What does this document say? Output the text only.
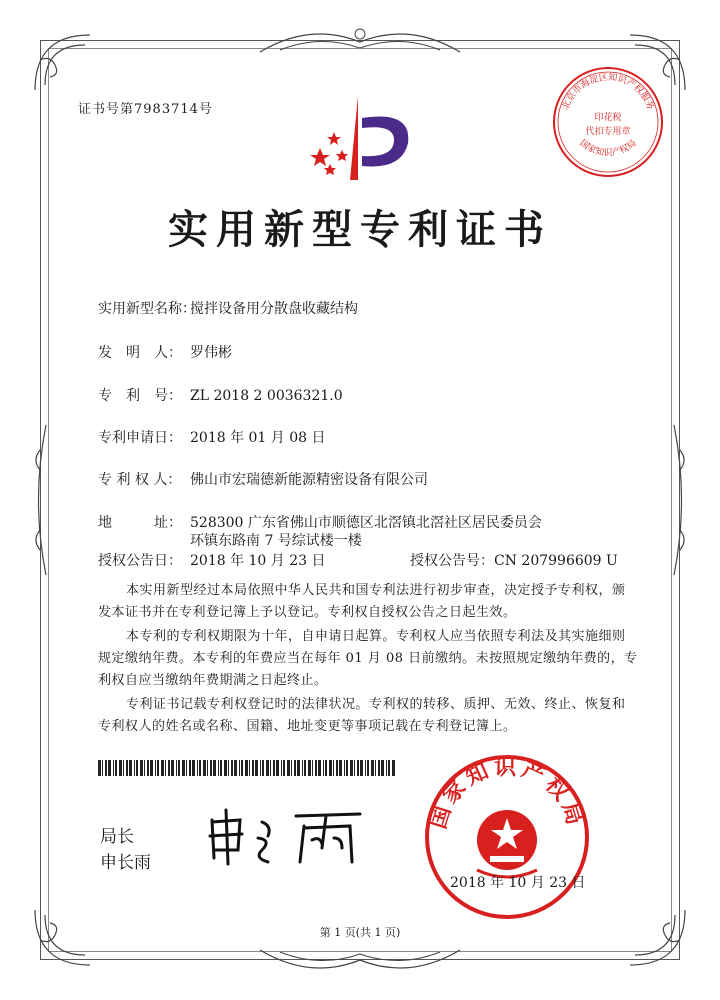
证书号第7983714号	北京市海淀区知识产权服务
印花税
代扣专用章
国家知识产权局
实用新型专利证书
实用新型名称：搅拌设备用分散盘收藏结构
发　明　人： 罗伟彬
专　利　号： ZL 2018 2 0036321.0
专利申请日： 2018 年 01 月 08 日
专 利 权 人： 佛山市宏瑞德新能源精密设备有限公司
地　　　址： 528300 广东省佛山市顺德区北滘镇北滘社区居民委员会
环镇东路南 7 号综试楼一楼
授权公告日： 2018 年 10 月 23 日	授权公告号：CN 207996609 U
本实用新型经过本局依照中华人民共和国专利法进行初步审查，决定授予专利权，颁发本证书并在专利登记簿上予以登记。专利权自授权公告之日起生效。
本专利的专利权期限为十年，自申请日起算。专利权人应当依照专利法及其实施细则规定缴纳年费。本专利的年费应当在每年 01 月 08 日前缴纳。未按照规定缴纳年费的，专利权自应当缴纳年费期满之日起终止。
专利证书记载专利权登记时的法律状况。专利权的转移、质押、无效、终止、恢复和专利权人的姓名或名称、国籍、地址变更等事项记载在专利登记簿上。
局长
申长雨
国家知识产权局
2018 年 10 月 23 日
第 1 页(共 1 页)
